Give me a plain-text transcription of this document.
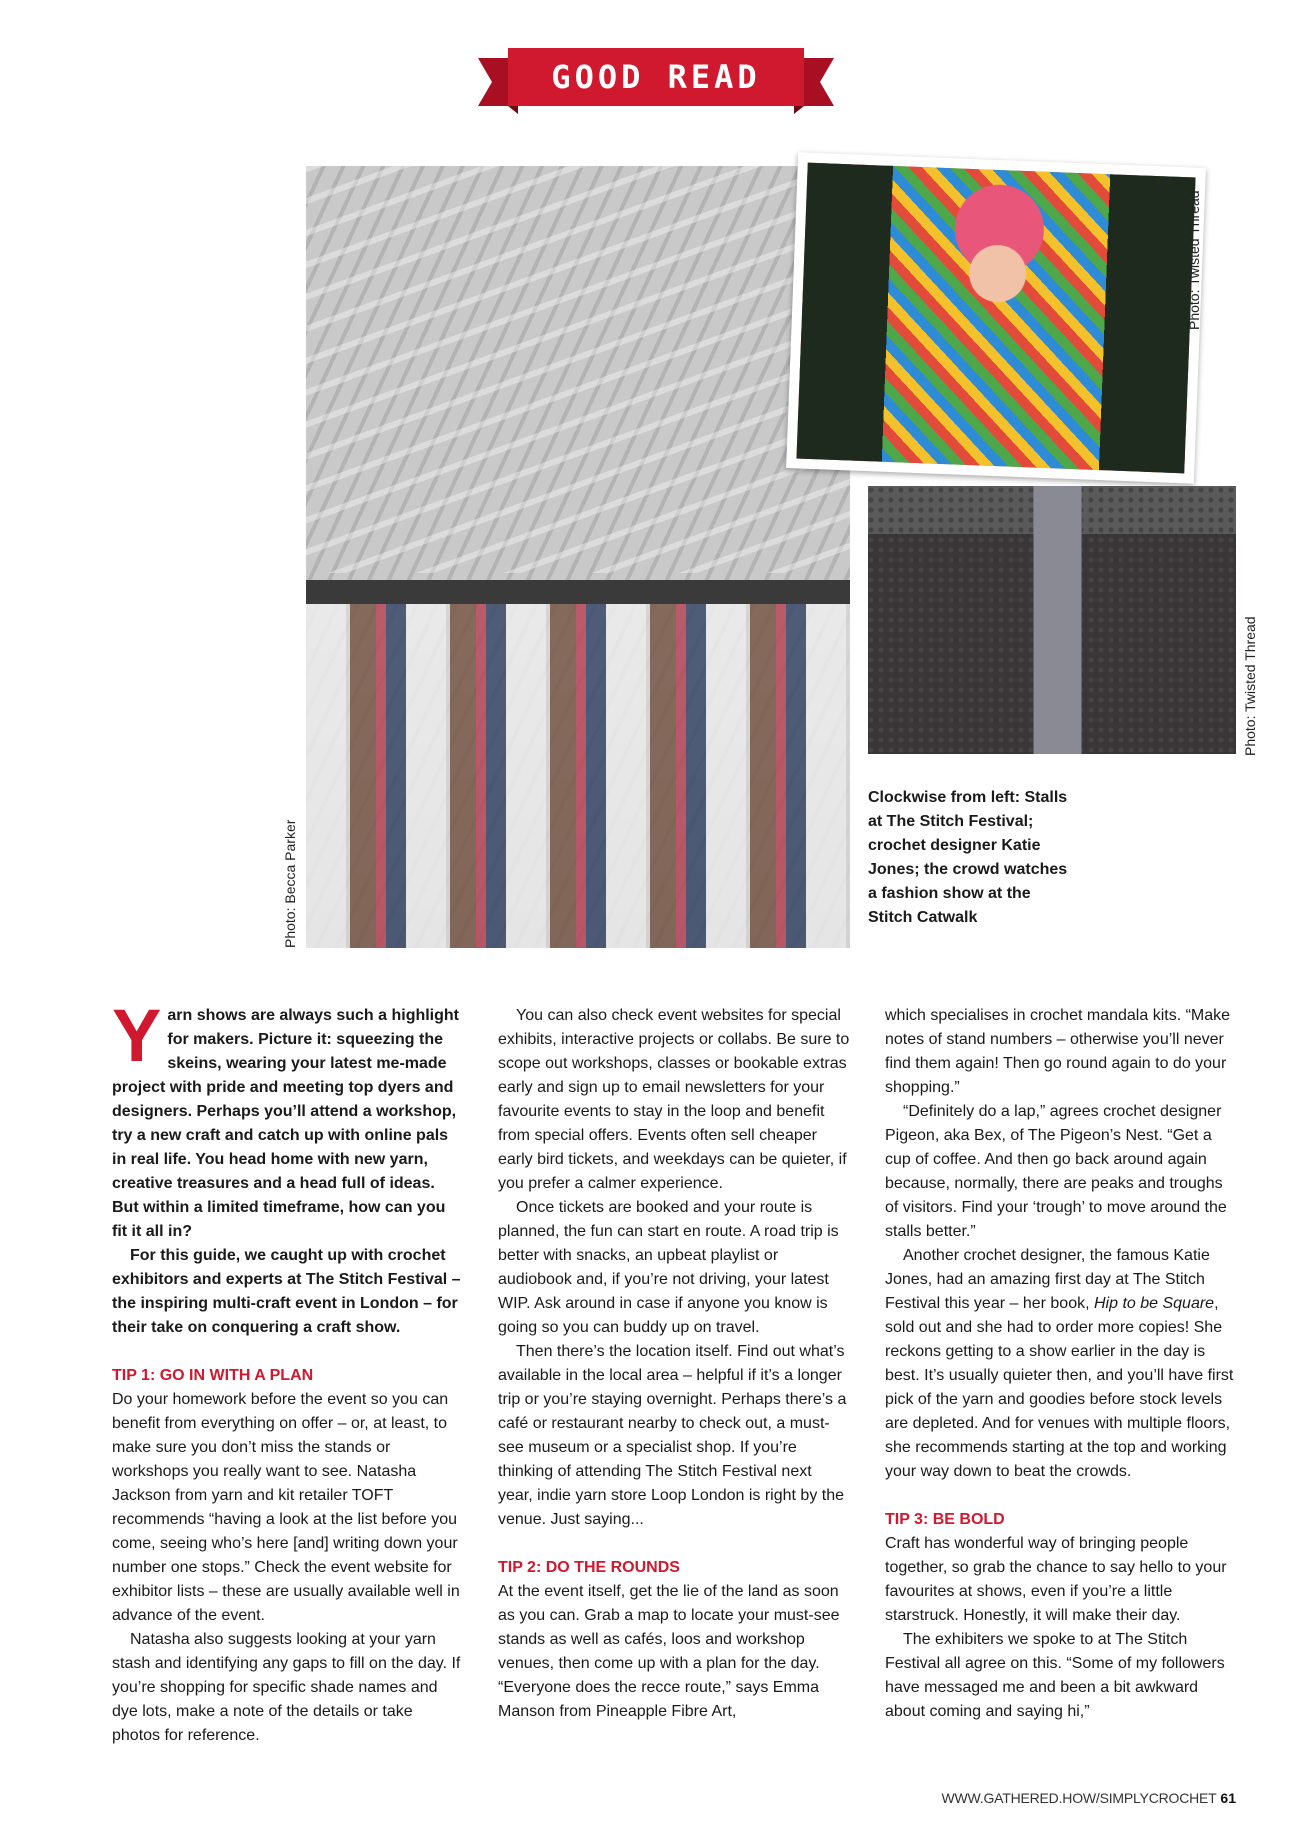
GOOD READ
Photo: Becca Parker
Photo: Twisted Thread
Photo: Twisted Thread

Clockwise from left: Stalls at The Stitch Festival; crochet designer Katie Jones; the crowd watches a fashion show at the Stitch Catwalk

Yarn shows are always such a highlight for makers. Picture it: squeezing the skeins, wearing your latest me-made project with pride and meeting top dyers and designers. Perhaps you’ll attend a workshop, try a new craft and catch up with online pals in real life. You head home with new yarn, creative treasures and a head full of ideas. But within a limited timeframe, how can you fit it all in?

For this guide, we caught up with crochet exhibitors and experts at The Stitch Festival – the inspiring multi-craft event in London – for their take on conquering a craft show.

TIP 1: GO IN WITH A PLAN

Do your homework before the event so you can benefit from everything on offer – or, at least, to make sure you don’t miss the stands or workshops you really want to see. Natasha Jackson from yarn and kit retailer TOFT recommends “having a look at the list before you come, seeing who’s here [and] writing down your number one stops.” Check the event website for exhibitor lists – these are usually available well in advance of the event.

Natasha also suggests looking at your yarn stash and identifying any gaps to fill on the day. If you’re shopping for specific shade names and dye lots, make a note of the details or take photos for reference.

You can also check event websites for special exhibits, interactive projects or collabs. Be sure to scope out workshops, classes or bookable extras early and sign up to email newsletters for your favourite events to stay in the loop and benefit from special offers. Events often sell cheaper early bird tickets, and weekdays can be quieter, if you prefer a calmer experience.

Once tickets are booked and your route is planned, the fun can start en route. A road trip is better with snacks, an upbeat playlist or audiobook and, if you’re not driving, your latest WIP. Ask around in case if anyone you know is going so you can buddy up on travel.

Then there’s the location itself. Find out what’s available in the local area – helpful if it’s a longer trip or you’re staying overnight. Perhaps there’s a café or restaurant nearby to check out, a must-see museum or a specialist shop. If you’re thinking of attending The Stitch Festival next year, indie yarn store Loop London is right by the venue. Just saying...

TIP 2: DO THE ROUNDS

At the event itself, get the lie of the land as soon as you can. Grab a map to locate your must-see stands as well as cafés, loos and workshop venues, then come up with a plan for the day. “Everyone does the recce route,” says Emma Manson from Pineapple Fibre Art,

which specialises in crochet mandala kits. “Make notes of stand numbers – otherwise you’ll never find them again! Then go round again to do your shopping.”

“Definitely do a lap,” agrees crochet designer Pigeon, aka Bex, of The Pigeon’s Nest. “Get a cup of coffee. And then go back around again because, normally, there are peaks and troughs of visitors. Find your ‘trough’ to move around the stalls better.”

Another crochet designer, the famous Katie Jones, had an amazing first day at The Stitch Festival this year – her book, Hip to be Square, sold out and she had to order more copies! She reckons getting to a show earlier in the day is best. It’s usually quieter then, and you’ll have first pick of the yarn and goodies before stock levels are depleted. And for venues with multiple floors, she recommends starting at the top and working your way down to beat the crowds.

TIP 3: BE BOLD

Craft has wonderful way of bringing people together, so grab the chance to say hello to your favourites at shows, even if you’re a little starstruck. Honestly, it will make their day.

The exhibiters we spoke to at The Stitch Festival all agree on this. “Some of my followers have messaged me and been a bit awkward about coming and saying hi,”

WWW.GATHERED.HOW/SIMPLYCROCHET 61
